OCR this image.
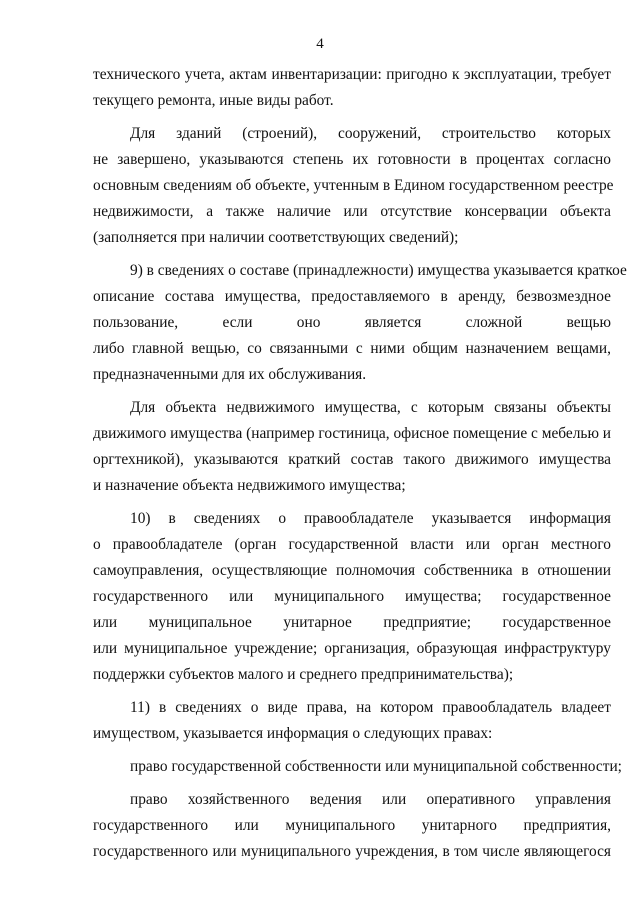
4
технического учета, актам инвентаризации: пригодно к эксплуатации, требует
текущего ремонта, иные виды работ.
Для зданий (строений), сооружений, строительство которых
не завершено, указываются степень их готовности в процентах согласно
основным сведениям об объекте, учтенным в Едином государственном реестре
недвижимости, а также наличие или отсутствие консервации объекта
(заполняется при наличии соответствующих сведений);
9) в сведениях о составе (принадлежности) имущества указывается краткое
описание состава имущества, предоставляемого в аренду, безвозмездное
пользование, если оно является сложной вещью
либо главной вещью, со связанными с ними общим назначением вещами,
предназначенными для их обслуживания.
Для объекта недвижимого имущества, с которым связаны объекты
движимого имущества (например гостиница, офисное помещение с мебелью и
оргтехникой), указываются краткий состав такого движимого имущества
и назначение объекта недвижимого имущества;
10) в сведениях о правообладателе указывается информация
о правообладателе (орган государственной власти или орган местного
самоуправления, осуществляющие полномочия собственника в отношении
государственного или муниципального имущества; государственное
или муниципальное унитарное предприятие; государственное
или муниципальное учреждение; организация, образующая инфраструктуру
поддержки субъектов малого и среднего предпринимательства);
11) в сведениях о виде права, на котором правообладатель владеет
имуществом, указывается информация о следующих правах:
право государственной собственности или муниципальной собственности;
право хозяйственного ведения или оперативного управления
государственного или муниципального унитарного предприятия,
государственного или муниципального учреждения, в том числе являющегося
